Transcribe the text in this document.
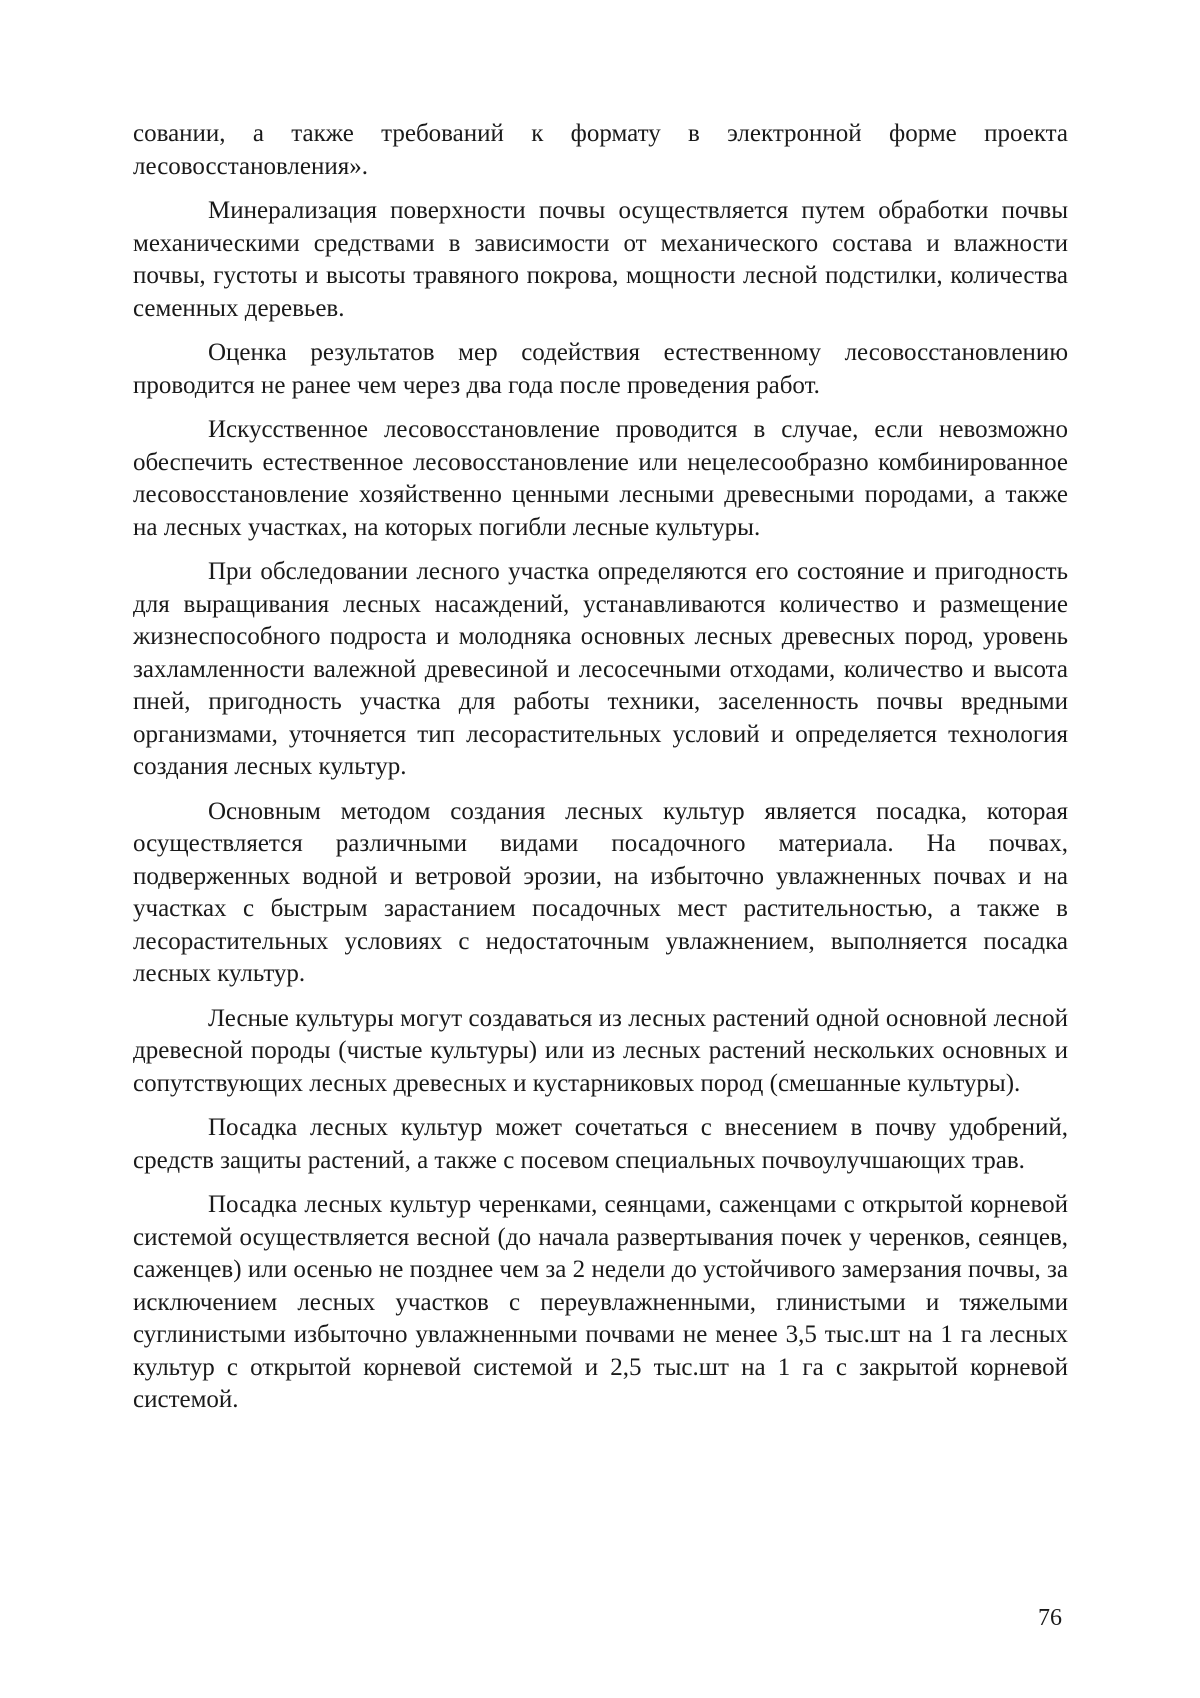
совании, а также требований к формату в электронной форме проекта лесовосстановления».

Минерализация поверхности почвы осуществляется путем обработки почвы механическими средствами в зависимости от механического состава и влажности почвы, густоты и высоты травяного покрова, мощности лесной подстилки, количества семенных деревьев.

Оценка результатов мер содействия естественному лесовосстановлению проводится не ранее чем через два года после проведения работ.

Искусственное лесовосстановление проводится в случае, если невозможно обеспечить естественное лесовосстановление или нецелесообразно комбинированное лесовосстановление хозяйственно ценными лесными древесными породами, а также на лесных участках, на которых погибли лесные культуры.

При обследовании лесного участка определяются его состояние и пригодность для выращивания лесных насаждений, устанавливаются количество и размещение жизнеспособного подроста и молодняка основных лесных древесных пород, уровень захламленности валежной древесиной и лесосечными отходами, количество и высота пней, пригодность участка для работы техники, заселенность почвы вредными организмами, уточняется тип лесорастительных условий и определяется технология создания лесных культур.

Основным методом создания лесных культур является посадка, которая осуществляется различными видами посадочного материала. На почвах, подверженных водной и ветровой эрозии, на избыточно увлажненных почвах и на участках с быстрым зарастанием посадочных мест растительностью, а также в лесорастительных условиях с недостаточным увлажнением, выполняется посадка лесных культур.

Лесные культуры могут создаваться из лесных растений одной основной лесной древесной породы (чистые культуры) или из лесных растений нескольких основных и сопутствующих лесных древесных и кустарниковых пород (смешанные культуры).

Посадка лесных культур может сочетаться с внесением в почву удобрений, средств защиты растений, а также с посевом специальных почвоулучшающих трав.

Посадка лесных культур черенками, сеянцами, саженцами с открытой корневой системой осуществляется весной (до начала развертывания почек у черенков, сеянцев, саженцев) или осенью не позднее чем за 2 недели до устойчивого замерзания почвы, за исключением лесных участков с переувлажненными, глинистыми и тяжелыми суглинистыми избыточно увлажненными почвами не менее 3,5 тыс.шт на 1 га лесных культур с открытой корневой системой и 2,5 тыс.шт на 1 га с закрытой корневой системой.

76
